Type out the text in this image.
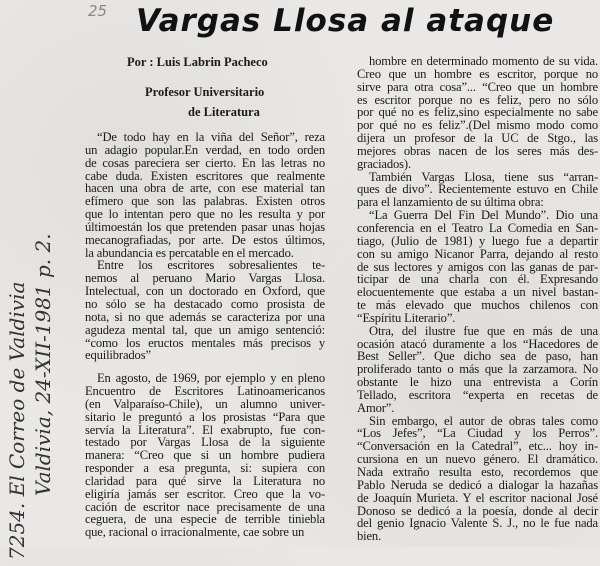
25 Vargas Llosa al ataque
Por : Luis Labrin Pacheco
Profesor Universitario
de Literatura
7254. El Correo de Valdivia Valdivia, 24-XII-1981 p. 2.
“De todo hay en la viña del Señor”, reza
un adagio popular.En verdad, en todo orden
de cosas pareciera ser cierto. En las letras no
cabe duda. Existen escritores que realmente
hacen una obra de arte, con ese material tan
efímero que son las palabras. Existen otros
que lo intentan pero que no les resulta y por
últimoestán los que pretenden pasar unas hojas
mecanografiadas, por arte. De estos últimos,
la abundancia es percatable en el mercado.
Entre los escritores sobresalientes te-
nemos al peruano Mario Vargas Llosa.
Intelectual, con un doctorado en Oxford, que
no sólo se ha destacado como prosista de
nota, si no que además se caracteriza por una
agudeza mental tal, que un amigo sentenció:
“como los eructos mentales más precisos y
equilibrados”
En agosto, de 1969, por ejemplo y en pleno
Encuentro de Escritores Latinoamericanos
(en Valparaíso-Chile), un alumno univer-
sitario le preguntó a los prosistas “Para que
servía la Literatura”. El exabrupto, fue con-
testado por Vargas Llosa de la siguiente
manera: “Creo que si un hombre pudiera
responder a esa pregunta, si: supiera con
claridad para qué sirve la Literatura no
eligiría jamás ser escritor. Creo que la vo-
cación de escritor nace precisamente de una
ceguera, de una especie de terrible tiniebla
que, racional o irracionalmente, cae sobre un
hombre en determinado momento de su vida.
Creo que un hombre es escritor, porque no
sirve para otra cosa”... “Creo que un hombre
es escritor porque no es feliz, pero no sólo
por qué no es feliz,sino especialmente no sabe
por qué no es feliz”.(Del mismo modo como
dijera un profesor de la UC de Stgo., las
mejores obras nacen de los seres más des-
graciados).
También Vargas Llosa, tiene sus “arran-
ques de divo”. Recientemente estuvo en Chile
para el lanzamiento de su última obra:
“La Guerra Del Fin Del Mundo”. Dio una
conferencia en el Teatro La Comedia en San-
tiago, (Julio de 1981) y luego fue a departir
con su amigo Nicanor Parra, dejando al resto
de sus lectores y amigos con las ganas de par-
ticipar de una charla con él. Expresando
elocuentemente que estaba a un nivel bastan-
te más elevado que muchos chilenos con
“Espíritu Literario”.
Otra, del ilustre fue que en más de una
ocasión atacó duramente a los “Hacedores de
Best Seller”. Que dicho sea de paso, han
proliferado tanto o más que la zarzamora. No
obstante le hizo una entrevista a Corín
Tellado, escritora “experta en recetas de
Amor”.
Sin embargo, el autor de obras tales como
“Los Jefes”, “La Ciudad y los Perros”.
“Conversación en la Catedral”, etc... hoy in-
cursiona en un nuevo género. El dramático.
Nada extraño resulta esto, recordemos que
Pablo Neruda se dedicó a dialogar la hazañas
de Joaquín Murieta. Y el escritor nacional José
Donoso se dedicó a la poesía, donde al decir
del genio Ignacio Valente S. J., no le fue nada
bien.
